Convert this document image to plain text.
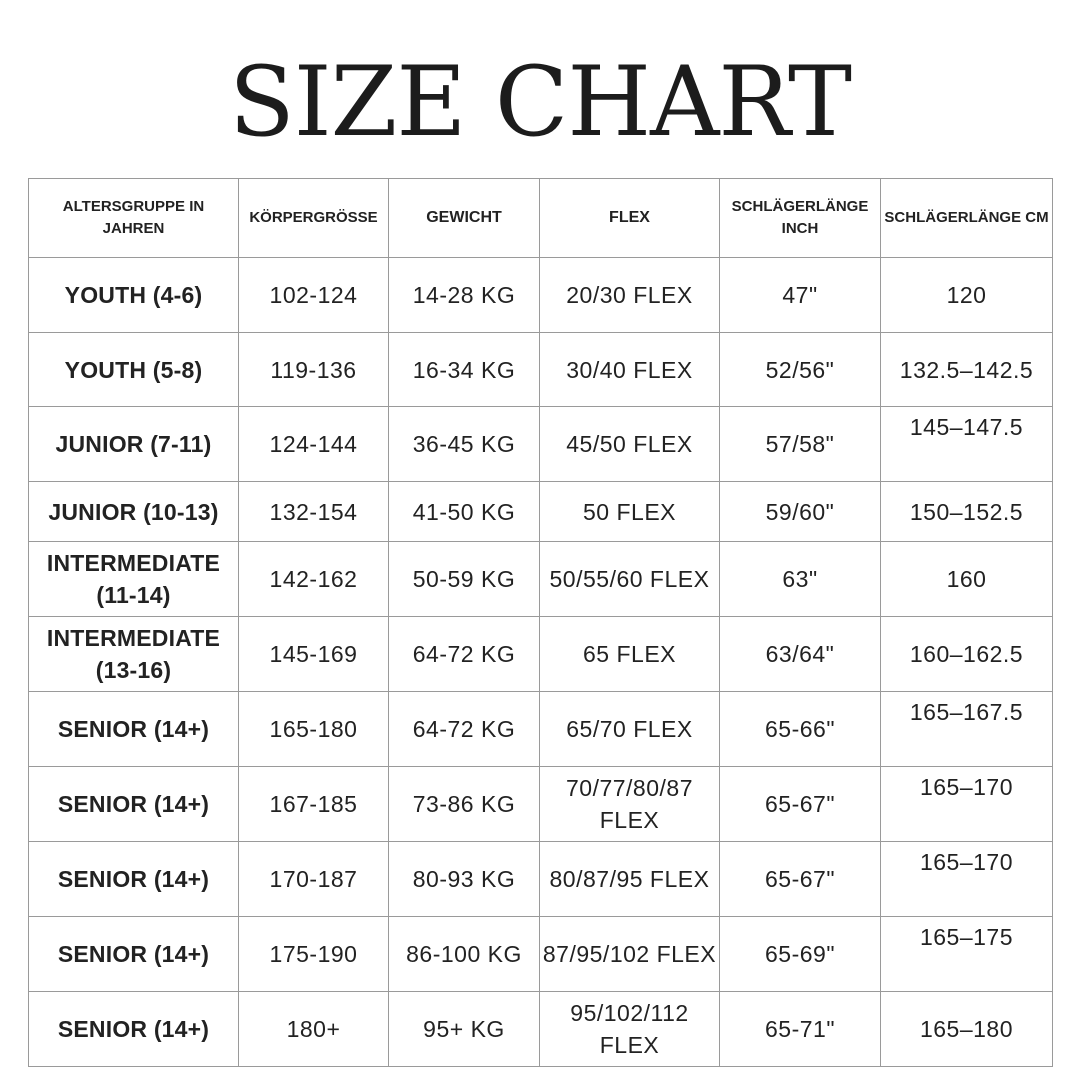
SIZE CHART
ALTERSGRUPPE IN JAHREN	KÖRPERGRÖSSE	GEWICHT	FLEX	SCHLÄGERLÄNGE INCH	SCHLÄGERLÄNGE CM
YOUTH (4-6)	102-124	14-28 KG	20/30 FLEX	47"	120
YOUTH (5-8)	119-136	16-34 KG	30/40 FLEX	52/56"	132.5–142.5
JUNIOR (7-11)	124-144	36-45 KG	45/50 FLEX	57/58"	145–147.5
JUNIOR (10-13)	132-154	41-50 KG	50 FLEX	59/60"	150–152.5
INTERMEDIATE (11-14)	142-162	50-59 KG	50/55/60 FLEX	63"	160
INTERMEDIATE (13-16)	145-169	64-72 KG	65 FLEX	63/64"	160–162.5
SENIOR (14+)	165-180	64-72 KG	65/70 FLEX	65-66"	165–167.5
SENIOR (14+)	167-185	73-86 KG	70/77/80/87 FLEX	65-67"	165–170
SENIOR (14+)	170-187	80-93 KG	80/87/95 FLEX	65-67"	165–170
SENIOR (14+)	175-190	86-100 KG	87/95/102 FLEX	65-69"	165–175
SENIOR (14+)	180+	95+ KG	95/102/112 FLEX	65-71"	165–180
